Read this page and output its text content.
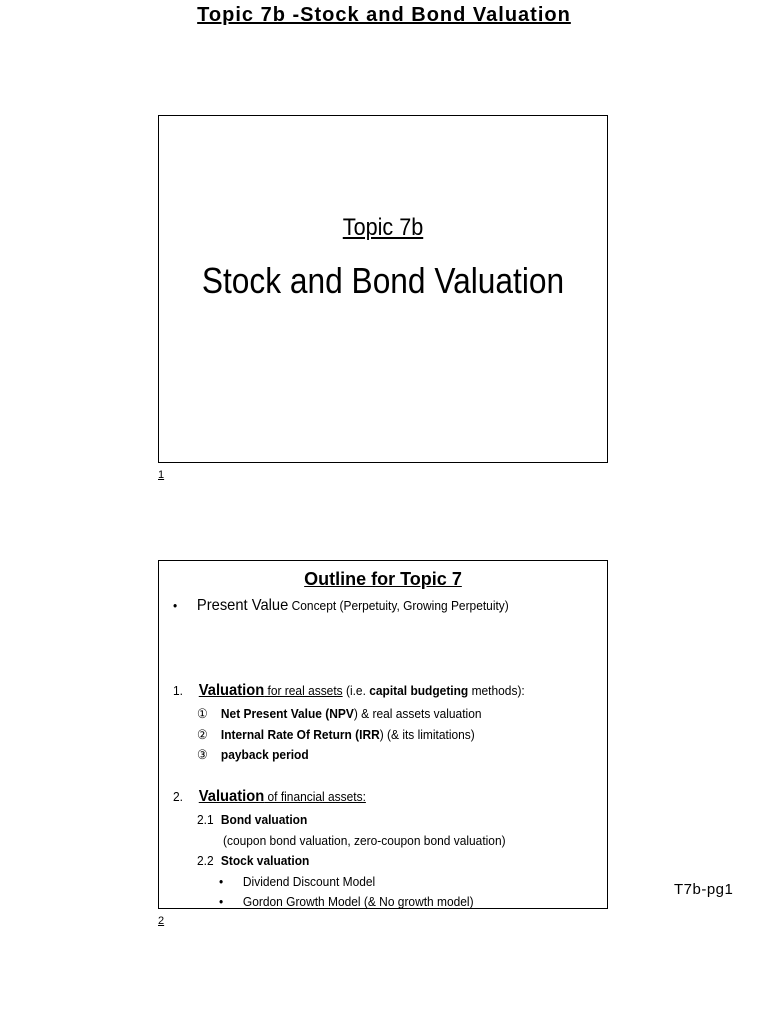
Topic 7b -Stock and Bond Valuation
Topic 7b
Stock and Bond Valuation
1
Outline for Topic 7
• Present Value Concept (Perpetuity, Growing Perpetuity)
1. Valuation for real assets (i.e. capital budgeting methods):
① Net Present Value (NPV) & real assets valuation
② Internal Rate Of Return (IRR) (& its limitations)
③ payback period
2. Valuation of financial assets:
2.1 Bond valuation
(coupon bond valuation, zero-coupon bond valuation)
2.2 Stock valuation
• Dividend Discount Model
• Gordon Growth Model (& No growth model)
2
T7b-pg1
